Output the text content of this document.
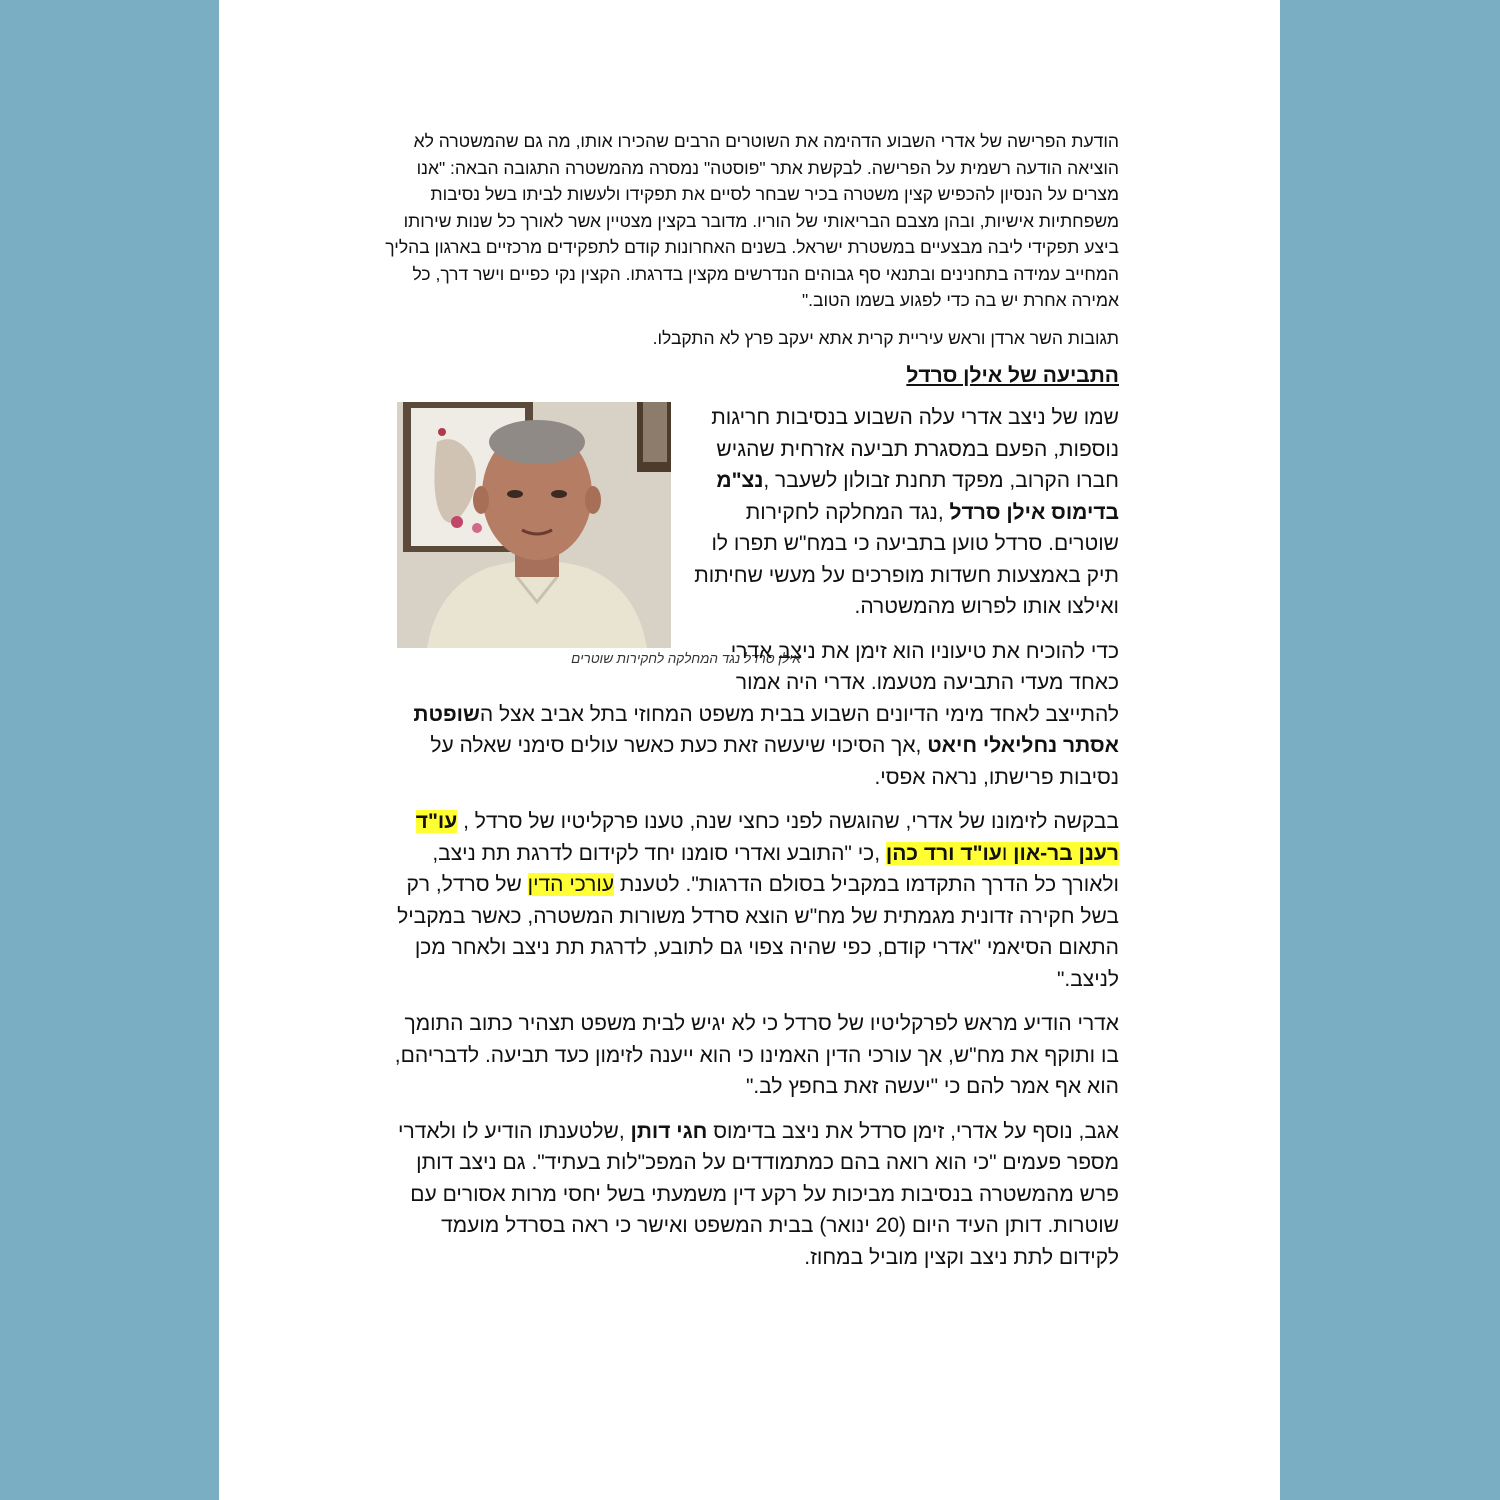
הודעת הפרישה של אדרי השבוע הדהימה את השוטרים הרבים שהכירו אותו, מה גם שהמשטרה לא הוציאה הודעה רשמית על הפרישה. לבקשת אתר "פוסטה" נמסרה מהמשטרה התגובה הבאה: "אנו מצרים על הנסיון להכפיש קצין משטרה בכיר שבחר לסיים את תפקידו ולעשות לביתו בשל נסיבות משפחתיות אישיות, ובהן מצבם הבריאותי של הוריו. מדובר בקצין מצטיין אשר לאורך כל שנות שירותו ביצע תפקידי ליבה מבצעיים במשטרת ישראל. בשנים האחרונות קודם לתפקידים מרכזיים בארגון בהליך המחייב עמידה בתחנינים ובתנאי סף גבוהים הנדרשים מקצין בדרגתו. הקצין נקי כפיים וישר דרך, כל אמירה אחרת יש בה כדי לפגוע בשמו הטוב."

תגובות השר ארדן וראש עיריית קרית אתא יעקב פרץ לא התקבלו.

התביעה של אילן סרדל
אילן סרדל נגד המחלקה לחקירות שוטרים

שמו של ניצב אדרי עלה השבוע בנסיבות חריגות נוספות, הפעם במסגרת תביעה אזרחית שהגיש חברו הקרוב, מפקד תחנת זבולון לשעבר ,נצ"מ בדימוס אילן סרדל ,נגד המחלקה לחקירות שוטרים. סרדל טוען בתביעה כי במח"ש תפרו לו תיק באמצעות חשדות מופרכים על מעשי שחיתות ואילצו אותו לפרוש מהמשטרה.

כדי להוכיח את טיעוניו הוא זימן את ניצב אדרי כאחד מעדי התביעה מטעמו. אדרי היה אמור להתייצב לאחד מימי הדיונים השבוע בבית משפט המחוזי בתל אביב אצל השופטת אסתר נחליאלי חיאט ,אך הסיכוי שיעשה זאת כעת כאשר עולים סימני שאלה על נסיבות פרישתו, נראה אפסי.

בבקשה לזימונו של אדרי, שהוגשה לפני כחצי שנה, טענו פרקליטיו של סרדל , עו"ד רענן בר-און ועו"ד ורד כהן ,כי "התובע ואדרי סומנו יחד לקידום לדרגת תת ניצב, ולאורך כל הדרך התקדמו במקביל בסולם הדרגות". לטענת עורכי הדין של סרדל, רק בשל חקירה זדונית מגמתית של מח"ש הוצא סרדל משורות המשטרה, כאשר במקביל התאום הסיאמי "אדרי קודם, כפי שהיה צפוי גם לתובע, לדרגת תת ניצב ולאחר מכן לניצב."

אדרי הודיע מראש לפרקליטיו של סרדל כי לא יגיש לבית משפט תצהיר כתוב התומך בו ותוקף את מח"ש, אך עורכי הדין האמינו כי הוא ייענה לזימון כעד תביעה. לדבריהם, הוא אף אמר להם כי "יעשה זאת בחפץ לב."

אגב, נוסף על אדרי, זימן סרדל את ניצב בדימוס חגי דותן ,שלטענתו הודיע לו ולאדרי מספר פעמים "כי הוא רואה בהם כמתמודדים על המפכ"לות בעתיד". גם ניצב דותן פרש מהמשטרה בנסיבות מביכות על רקע דין משמעתי בשל יחסי מרות אסורים עם שוטרות. דותן העיד היום (20 ינואר) בבית המשפט ואישר כי ראה בסרדל מועמד לקידום לתת ניצב וקצין מוביל במחוז.
